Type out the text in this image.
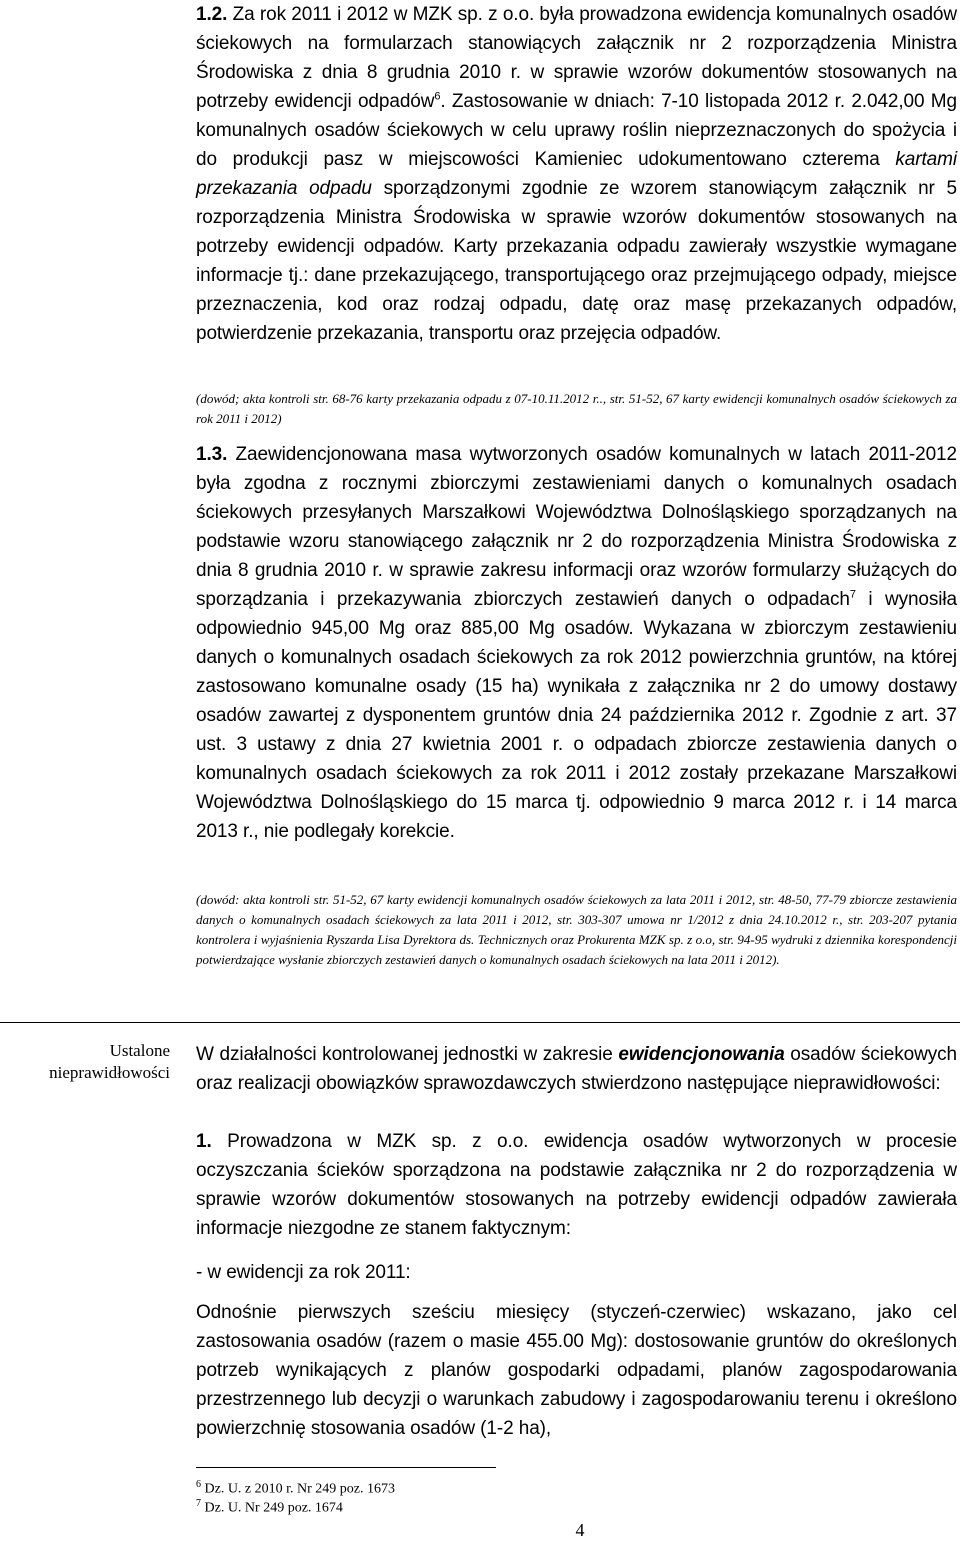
1.2. Za rok 2011 i 2012 w MZK sp. z o.o. była prowadzona ewidencja komunalnych osadów ściekowych na formularzach stanowiących załącznik nr 2 rozporządzenia Ministra Środowiska z dnia 8 grudnia 2010 r. w sprawie wzorów dokumentów stosowanych na potrzeby ewidencji odpadów$^6$. Zastosowanie w dniach: 7-10 listopada 2012 r. 2.042,00 Mg komunalnych osadów ściekowych w celu uprawy roślin nieprzeznaczonych do spożycia i do produkcji pasz w miejscowości Kamieniec udokumentowano czterema kartami przekazania odpadu sporządzonymi zgodnie ze wzorem stanowiącym załącznik nr 5 rozporządzenia Ministra Środowiska w sprawie wzorów dokumentów stosowanych na potrzeby ewidencji odpadów. Karty przekazania odpadu zawierały wszystkie wymagane informacje tj.: dane przekazującego, transportującego oraz przejmującego odpady, miejsce przeznaczenia, kod oraz rodzaj odpadu, datę oraz masę przekazanych odpadów, potwierdzenie przekazania, transportu oraz przejęcia odpadów.

(dowód; akta kontroli str. 68-76 karty przekazania odpadu z 07-10.11.2012 r.., str. 51-52, 67 karty ewidencji komunalnych osadów ściekowych za rok 2011 i 2012)

1.3. Zaewidencjonowana masa wytworzonych osadów komunalnych w latach 2011-2012 była zgodna z rocznymi zbiorczymi zestawieniami danych o komunalnych osadach ściekowych przesyłanych Marszałkowi Województwa Dolnośląskiego sporządzanych na podstawie wzoru stanowiącego załącznik nr 2 do rozporządzenia Ministra Środowiska z dnia 8 grudnia 2010 r. w sprawie zakresu informacji oraz wzorów formularzy służących do sporządzania i przekazywania zbiorczych zestawień danych o odpadach$^7$ i wynosiła odpowiednio 945,00 Mg oraz 885,00 Mg osadów. Wykazana w zbiorczym zestawieniu danych o komunalnych osadach ściekowych za rok 2012 powierzchnia gruntów, na której zastosowano komunalne osady (15 ha) wynikała z załącznika nr 2 do umowy dostawy osadów zawartej z dysponentem gruntów dnia 24 października 2012 r. Zgodnie z art. 37 ust. 3 ustawy z dnia 27 kwietnia 2001 r. o odpadach zbiorcze zestawienia danych o komunalnych osadach ściekowych za rok 2011 i 2012 zostały przekazane Marszałkowi Województwa Dolnośląskiego do 15 marca tj. odpowiednio 9 marca 2012 r. i 14 marca 2013 r., nie podlegały korekcie.

(dowód: akta kontroli str. 51-52, 67 karty ewidencji komunalnych osadów ściekowych za lata 2011 i 2012, str. 48-50, 77-79 zbiorcze zestawienia danych o komunalnych osadach ściekowych za lata 2011 i 2012, str. 303-307 umowa nr 1/2012 z dnia 24.10.2012 r., str. 203-207 pytania kontrolera i wyjaśnienia Ryszarda Lisa Dyrektora ds. Technicznych oraz Prokurenta MZK sp. z o.o, str. 94-95 wydruki z dziennika korespondencji potwierdzające wysłanie zbiorczych zestawień danych o komunalnych osadach ściekowych na lata 2011 i 2012).

Ustalone nieprawidłowości

W działalności kontrolowanej jednostki w zakresie ewidencjonowania osadów ściekowych oraz realizacji obowiązków sprawozdawczych stwierdzono następujące nieprawidłowości:

1. Prowadzona w MZK sp. z o.o. ewidencja osadów wytworzonych w procesie oczyszczania ścieków sporządzona na podstawie załącznika nr 2 do rozporządzenia w sprawie wzorów dokumentów stosowanych na potrzeby ewidencji odpadów zawierała informacje niezgodne ze stanem faktycznym:

- w ewidencji za rok 2011:

Odnośnie pierwszych sześciu miesięcy (styczeń-czerwiec) wskazano, jako cel zastosowania osadów (razem o masie 455.00 Mg): dostosowanie gruntów do określonych potrzeb wynikających z planów gospodarki odpadami, planów zagospodarowania przestrzennego lub decyzji o warunkach zabudowy i zagospodarowaniu terenu i określono powierzchnię stosowania osadów (1-2 ha),

$^6$ Dz. U. z 2010 r. Nr 249 poz. 1673
$^7$ Dz. U. Nr 249 poz. 1674
4
